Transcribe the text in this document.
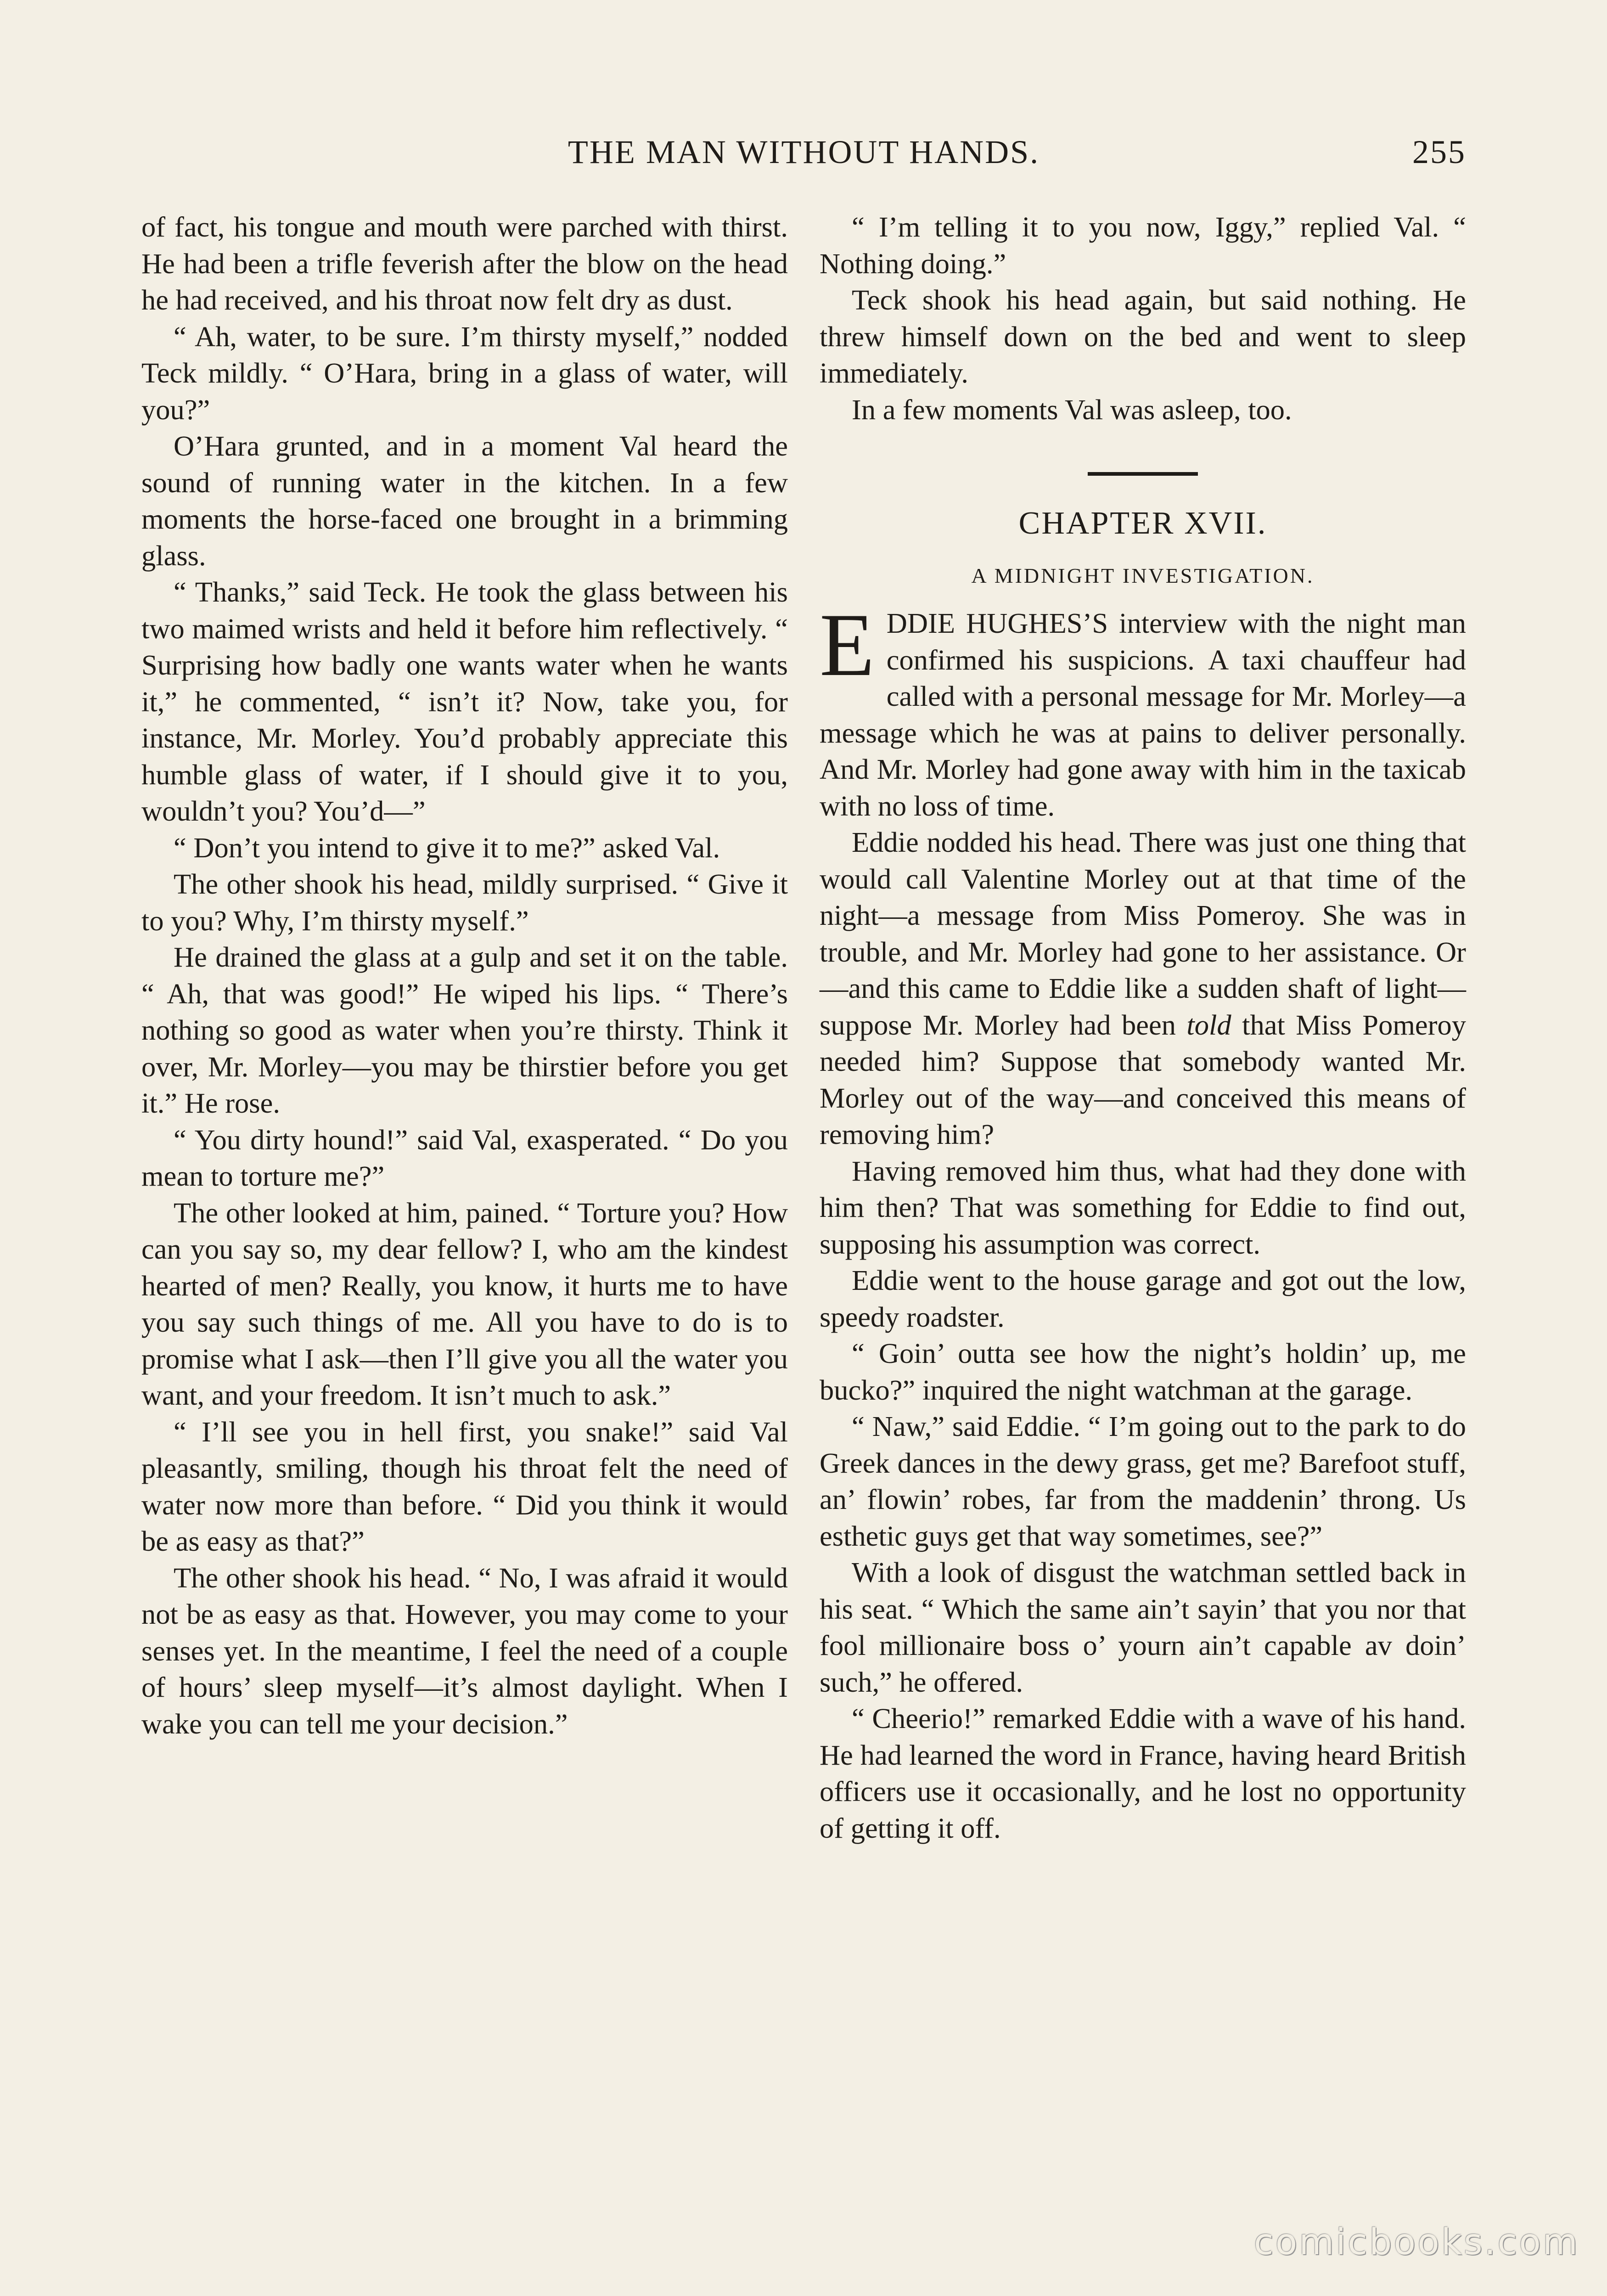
THE MAN WITHOUT HANDS.	255

of fact, his tongue and mouth were parched with thirst. He had been a trifle feverish after the blow on the head he had received, and his throat now felt dry as dust.

“ Ah, water, to be sure. I’m thirsty myself,” nodded Teck mildly. “ O’Hara, bring in a glass of water, will you?”

O’Hara grunted, and in a moment Val heard the sound of running water in the kitchen. In a few moments the horse-faced one brought in a brimming glass.

“ Thanks,” said Teck. He took the glass between his two maimed wrists and held it before him reflectively. “ Surprising how badly one wants water when he wants it,” he commented, “ isn’t it? Now, take you, for instance, Mr. Morley. You’d probably appreciate this humble glass of water, if I should give it to you, wouldn’t you? You’d—”

“ Don’t you intend to give it to me?” asked Val.

The other shook his head, mildly surprised. “ Give it to you? Why, I’m thirsty myself.”

He drained the glass at a gulp and set it on the table. “ Ah, that was good!” He wiped his lips. “ There’s nothing so good as water when you’re thirsty. Think it over, Mr. Morley—you may be thirstier before you get it.” He rose.

“ You dirty hound!” said Val, exasperated. “ Do you mean to torture me?”

The other looked at him, pained. “ Torture you? How can you say so, my dear fellow? I, who am the kindest hearted of men? Really, you know, it hurts me to have you say such things of me. All you have to do is to promise what I ask—then I’ll give you all the water you want, and your freedom. It isn’t much to ask.”

“ I’ll see you in hell first, you snake!” said Val pleasantly, smiling, though his throat felt the need of water now more than before. “ Did you think it would be as easy as that?”

The other shook his head. “ No, I was afraid it would not be as easy as that. However, you may come to your senses yet. In the meantime, I feel the need of a couple of hours’ sleep myself—it’s almost daylight. When I wake you can tell me your decision.”

“ I’m telling it to you now, Iggy,” replied Val. “ Nothing doing.”

Teck shook his head again, but said nothing. He threw himself down on the bed and went to sleep immediately.

In a few moments Val was asleep, too.

CHAPTER XVII.
A MIDNIGHT INVESTIGATION.

EDDIE HUGHES’S interview with the night man confirmed his suspicions. A taxi chauffeur had called with a personal message for Mr. Morley—a message which he was at pains to deliver personally. And Mr. Morley had gone away with him in the taxicab with no loss of time.

Eddie nodded his head. There was just one thing that would call Valentine Morley out at that time of the night—a message from Miss Pomeroy. She was in trouble, and Mr. Morley had gone to her assistance. Or—and this came to Eddie like a sudden shaft of light—suppose Mr. Morley had been told that Miss Pomeroy needed him? Suppose that somebody wanted Mr. Morley out of the way—and conceived this means of removing him?

Having removed him thus, what had they done with him then? That was something for Eddie to find out, supposing his assumption was correct.

Eddie went to the house garage and got out the low, speedy roadster.

“ Goin’ outta see how the night’s holdin’ up, me bucko?” inquired the night watchman at the garage.

“ Naw,” said Eddie. “ I’m going out to the park to do Greek dances in the dewy grass, get me? Barefoot stuff, an’ flowin’ robes, far from the maddenin’ throng. Us esthetic guys get that way sometimes, see?”

With a look of disgust the watchman settled back in his seat. “ Which the same ain’t sayin’ that you nor that fool millionaire boss o’ yourn ain’t capable av doin’ such,” he offered.

“ Cheerio!” remarked Eddie with a wave of his hand. He had learned the word in France, having heard British officers use it occasionally, and he lost no opportunity of getting it off.

comicbooks.com
